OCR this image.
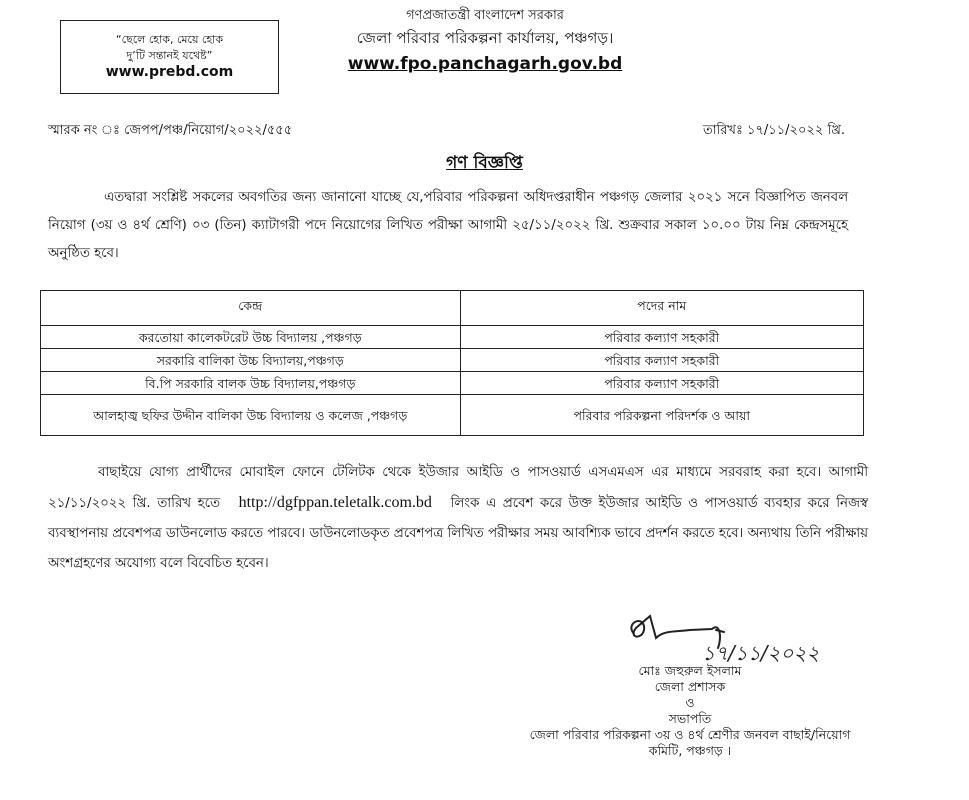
“ছেলে হোক, মেয়ে হোক
দু’টি সন্তানই যথেষ্ট”
www.prebd.com
গণপ্রজাতন্ত্রী বাংলাদেশ সরকার
জেলা পরিবার পরিকল্পনা কার্যালয়, পঞ্চগড়।
www.fpo.panchagarh.gov.bd
স্মারক নং ঃ জেপপ/পঞ্চ/নিয়োগ/২০২২/৫৫৫	তারিখঃ ১৭/১১/২০২২ খ্রি.
গণ বিজ্ঞপ্তি
এতদ্বারা সংশ্লিষ্ট সকলের অবগতির জন্য জানানো যাচ্ছে যে,পরিবার পরিকল্পনা অধিদপ্তরাধীন পঞ্চগড় জেলার ২০২১ সনে বিজ্ঞাপিত জনবল নিয়োগ (৩য় ও ৪র্থ শ্রেণি) ০৩ (তিন) ক্যাটাগরী পদে নিয়োগের লিখিত পরীক্ষা আগামী ২৫/১১/২০২২ খ্রি. শুক্রবার সকাল ১০.০০ টায় নিম্ন কেন্দ্রসমূহে অনুষ্ঠিত হবে।
কেন্দ্র	পদের নাম
করতোয়া কালেকটরেট উচ্চ বিদ্যালয় ,পঞ্চগড়	পরিবার কল্যাণ সহকারী
সরকারি বালিকা উচ্চ বিদ্যালয়,পঞ্চগড়	পরিবার কল্যাণ সহকারী
বি.পি সরকারি বালক উচ্চ বিদ্যালয়,পঞ্চগড়	পরিবার কল্যাণ সহকারী
আলহাজ্ব ছফির উদ্দীন বালিকা উচ্চ বিদ্যালয় ও কলেজ ,পঞ্চগড়	পরিবার পরিকল্পনা পরিদর্শক ও আয়া
বাছাইয়ে যোগ্য প্রার্থীদের মোবাইল ফোনে টেলিটক থেকে ইউজার আইডি ও পাসওয়ার্ড এসএমএস এর মাধ্যমে সরবরাহ করা হবে। আগামী ২১/১১/২০২২ খ্রি. তারিখ হতে http://dgfppan.teletalk.com.bd লিংক এ প্রবেশ করে উক্ত ইউজার আইডি ও পাসওয়ার্ড ব্যবহার করে নিজস্ব ব্যবস্থাপনায় প্রবেশপত্র ডাউনলোড করতে পারবে। ডাউনলোডকৃত প্রবেশপত্র লিখিত পরীক্ষার সময় আবশ্যিক ভাবে প্রদর্শন করতে হবে। অন্যথায় তিনি পরীক্ষায় অংশগ্রহণের অযোগ্য বলে বিবেচিত হবেন।
১৭/১১/২০২২
মোঃ জহুরুল ইসলাম
জেলা প্রশাসক
ও
সভাপতি
জেলা পরিবার পরিকল্পনা ৩য় ও ৪র্থ শ্রেণীর জনবল বাছাই/নিয়োগ
কমিটি, পঞ্চগড় ।
